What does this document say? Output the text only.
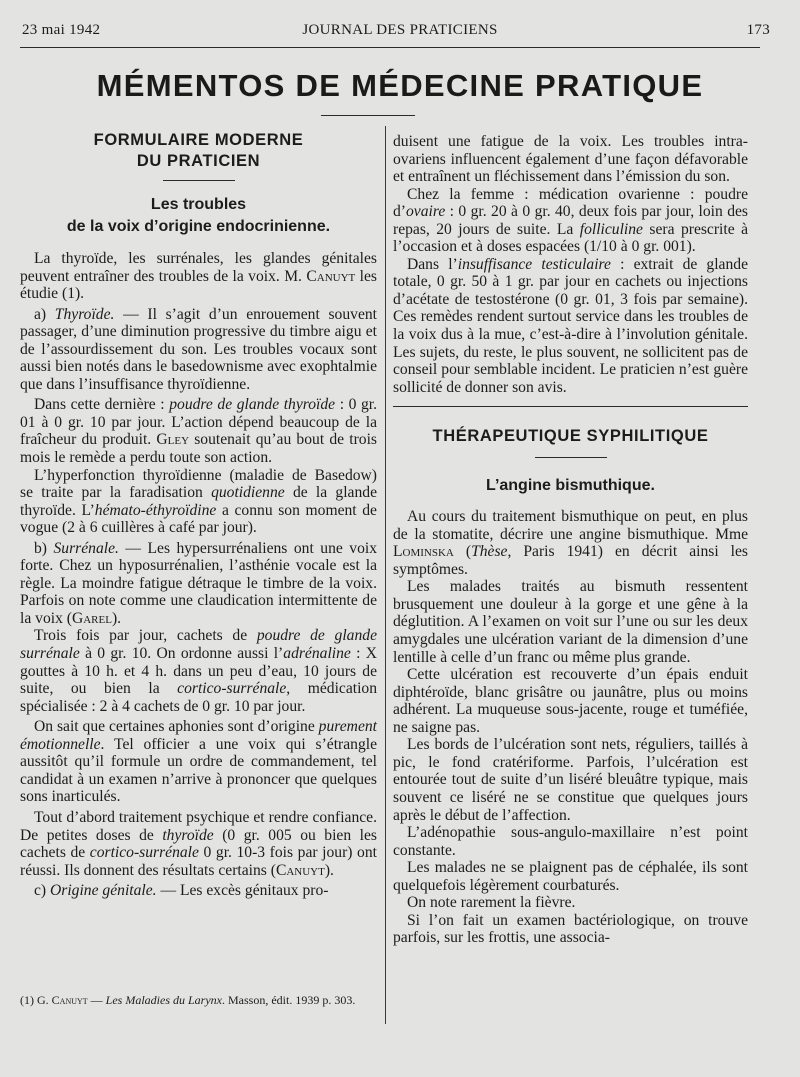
23 mai 1942	JOURNAL DES PRATICIENS	173
MÉMENTOS DE MÉDECINE PRATIQUE
FORMULAIRE MODERNE
DU PRATICIEN
Les troubles
de la voix d’origine endocrinienne.

La thyroïde, les surrénales, les glandes génitales peuvent entraîner des troubles de la voix. M. Canuyt les étudie (1).

a) Thyroïde. — Il s’agit d’un enrouement souvent passager, d’une diminution progressive du timbre aigu et de l’assourdissement du son. Les troubles vocaux sont aussi bien notés dans le basedownisme avec exophtalmie que dans l’insuffisance thyroïdienne.

Dans cette dernière : poudre de glande thyroïde : 0 gr. 01 à 0 gr. 10 par jour. L’action dépend beaucoup de la fraîcheur du produit. Gley soutenait qu’au bout de trois mois le remède a perdu toute son action.

L’hyperfonction thyroïdienne (maladie de Basedow) se traite par la faradisation quotidienne de la glande thyroïde. L’hémato-éthyroïdine a connu son moment de vogue (2 à 6 cuillères à café par jour).

b) Surrénale. — Les hypersurrénaliens ont une voix forte. Chez un hyposurrénalien, l’asthénie vocale est la règle. La moindre fatigue détraque le timbre de la voix. Parfois on note comme une claudication intermittente de la voix (Garel).

Trois fois par jour, cachets de poudre de glande surrénale à 0 gr. 10. On ordonne aussi l’adrénaline : X gouttes à 10 h. et 4 h. dans un peu d’eau, 10 jours de suite, ou bien la cortico-surrénale, médication spécialisée : 2 à 4 cachets de 0 gr. 10 par jour.

On sait que certaines aphonies sont d’origine purement émotionnelle. Tel officier a une voix qui s’étrangle aussitôt qu’il formule un ordre de commandement, tel candidat à un examen n’arrive à prononcer que quelques sons inarticulés.

Tout d’abord traitement psychique et rendre confiance. De petites doses de thyroïde (0 gr. 005 ou bien les cachets de cortico-surrénale 0 gr. 10-3 fois par jour) ont réussi. Ils donnent des résultats certains (Canuyt).

c) Origine génitale. — Les excès génitaux pro-

(1) G. Canuyt — Les Maladies du Larynx. Masson, édit. 1939 p. 303.

duisent une fatigue de la voix. Les troubles intra-ovariens influencent également d’une façon défavorable et entraînent un fléchissement dans l’émission du son.

Chez la femme : médication ovarienne : poudre d’ovaire : 0 gr. 20 à 0 gr. 40, deux fois par jour, loin des repas, 20 jours de suite. La folliculine sera prescrite à l’occasion et à doses espacées (1/10 à 0 gr. 001).

Dans l’insuffisance testiculaire : extrait de glande totale, 0 gr. 50 à 1 gr. par jour en cachets ou injections d’acétate de testostérone (0 gr. 01, 3 fois par semaine). Ces remèdes rendent surtout service dans les troubles de la voix dus à la mue, c’est-à-dire à l’involution génitale. Les sujets, du reste, le plus souvent, ne sollicitent pas de conseil pour semblable incident. Le praticien n’est guère sollicité de donner son avis.

THÉRAPEUTIQUE SYPHILITIQUE
L’angine bismuthique.

Au cours du traitement bismuthique on peut, en plus de la stomatite, décrire une angine bismuthique. Mme Lominska (Thèse, Paris 1941) en décrit ainsi les symptômes.

Les malades traités au bismuth ressentent brusquement une douleur à la gorge et une gêne à la déglutition. A l’examen on voit sur l’une ou sur les deux amygdales une ulcération variant de la dimension d’une lentille à celle d’un franc ou même plus grande.

Cette ulcération est recouverte d’un épais enduit diphtéroïde, blanc grisâtre ou jaunâtre, plus ou moins adhérent. La muqueuse sous-jacente, rouge et tuméfiée, ne saigne pas.

Les bords de l’ulcération sont nets, réguliers, taillés à pic, le fond cratériforme. Parfois, l’ulcération est entourée tout de suite d’un liséré bleuâtre typique, mais souvent ce liséré ne se constitue que quelques jours après le début de l’affection.

L’adénopathie sous-angulo-maxillaire n’est point constante.

Les malades ne se plaignent pas de céphalée, ils sont quelquefois légèrement courbaturés.

On note rarement la fièvre.

Si l’on fait un examen bactériologique, on trouve parfois, sur les frottis, une associa-
